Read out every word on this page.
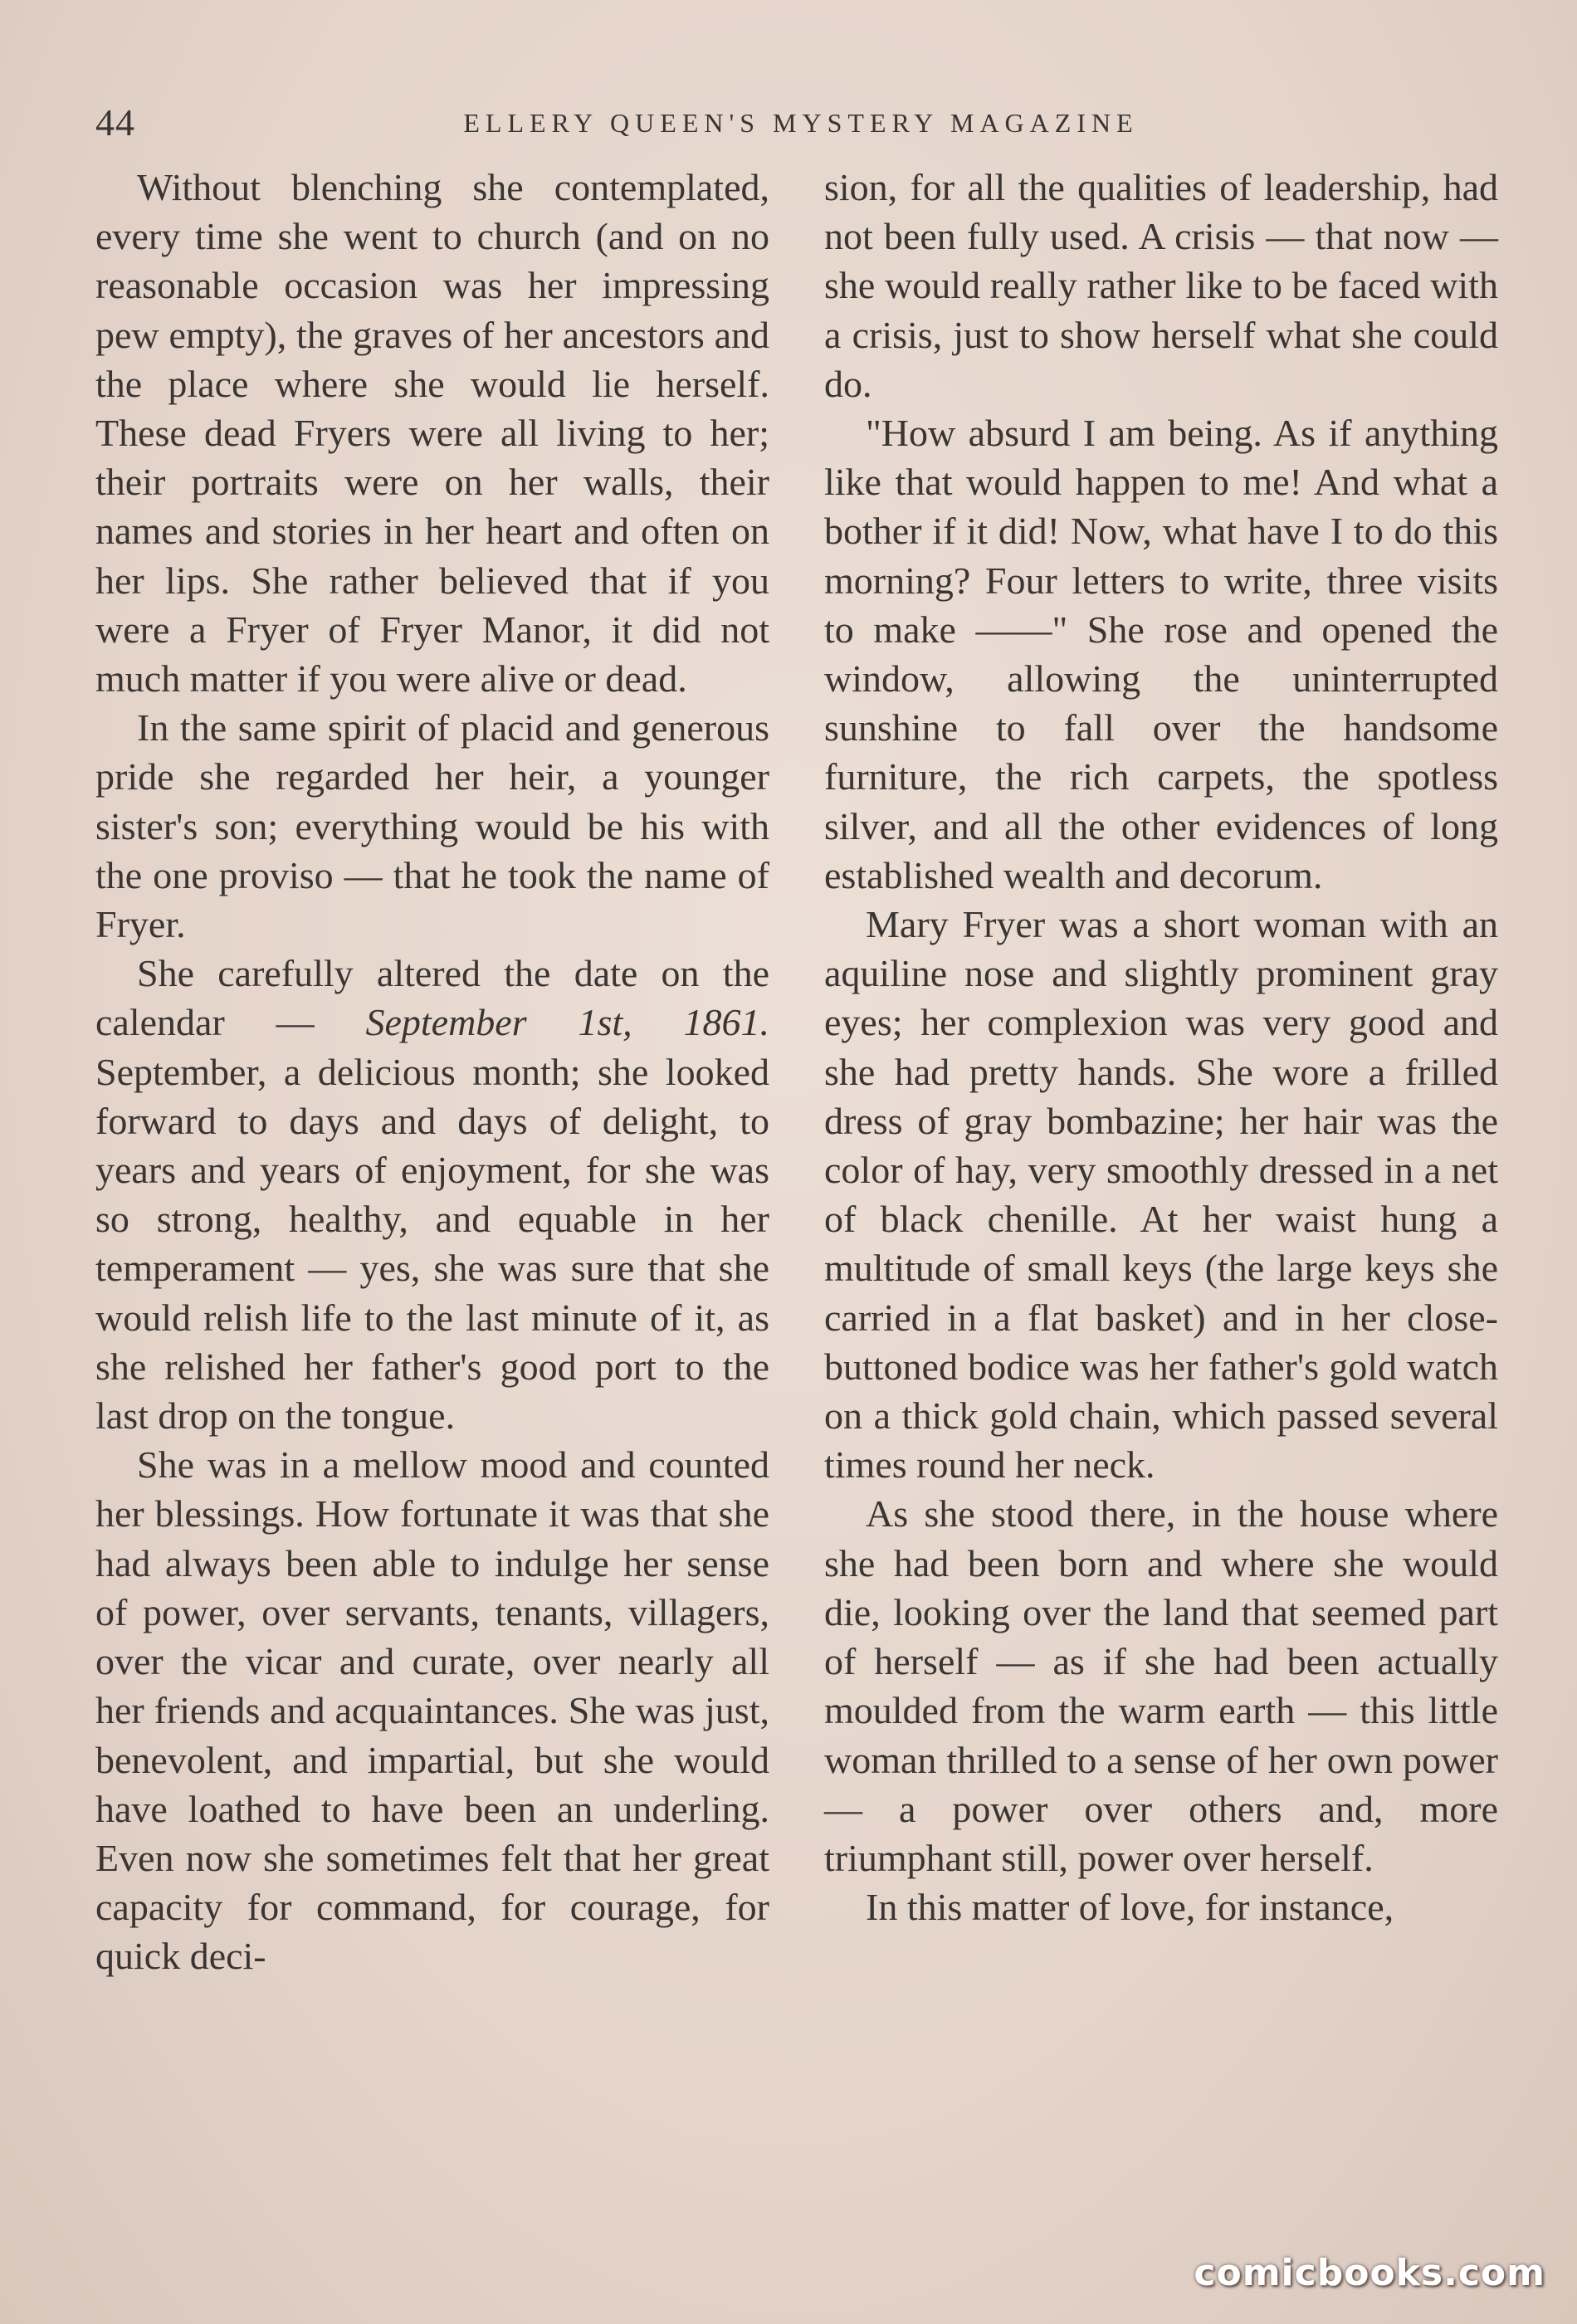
44	ELLERY QUEEN'S MYSTERY MAGAZINE

Without blenching she contemplated, every time she went to church (and on no reasonable occasion was her impressing pew empty), the graves of her ancestors and the place where she would lie herself. These dead Fryers were all living to her; their portraits were on her walls, their names and stories in her heart and often on her lips. She rather believed that if you were a Fryer of Fryer Manor, it did not much matter if you were alive or dead.

In the same spirit of placid and generous pride she regarded her heir, a younger sister's son; everything would be his with the one proviso — that he took the name of Fryer.

She carefully altered the date on the calendar — September 1st, 1861. September, a delicious month; she looked forward to days and days of delight, to years and years of enjoyment, for she was so strong, healthy, and equable in her temperament — yes, she was sure that she would relish life to the last minute of it, as she relished her father's good port to the last drop on the tongue.

She was in a mellow mood and counted her blessings. How fortunate it was that she had always been able to indulge her sense of power, over servants, tenants, villagers, over the vicar and curate, over nearly all her friends and acquaintances. She was just, benevolent, and impartial, but she would have loathed to have been an underling. Even now she sometimes felt that her great capacity for command, for courage, for quick deci-

sion, for all the qualities of leadership, had not been fully used. A crisis — that now — she would really rather like to be faced with a crisis, just to show herself what she could do.

"How absurd I am being. As if anything like that would happen to me! And what a bother if it did! Now, what have I to do this morning? Four letters to write, three visits to make ——" She rose and opened the window, allowing the uninterrupted sunshine to fall over the handsome furniture, the rich carpets, the spotless silver, and all the other evidences of long established wealth and decorum.

Mary Fryer was a short woman with an aquiline nose and slightly prominent gray eyes; her complexion was very good and she had pretty hands. She wore a frilled dress of gray bombazine; her hair was the color of hay, very smoothly dressed in a net of black chenille. At her waist hung a multitude of small keys (the large keys she carried in a flat basket) and in her close-buttoned bodice was her father's gold watch on a thick gold chain, which passed several times round her neck.

As she stood there, in the house where she had been born and where she would die, looking over the land that seemed part of herself — as if she had been actually moulded from the warm earth — this little woman thrilled to a sense of her own power — a power over others and, more triumphant still, power over herself.

In this matter of love, for instance,

comicbooks.com
